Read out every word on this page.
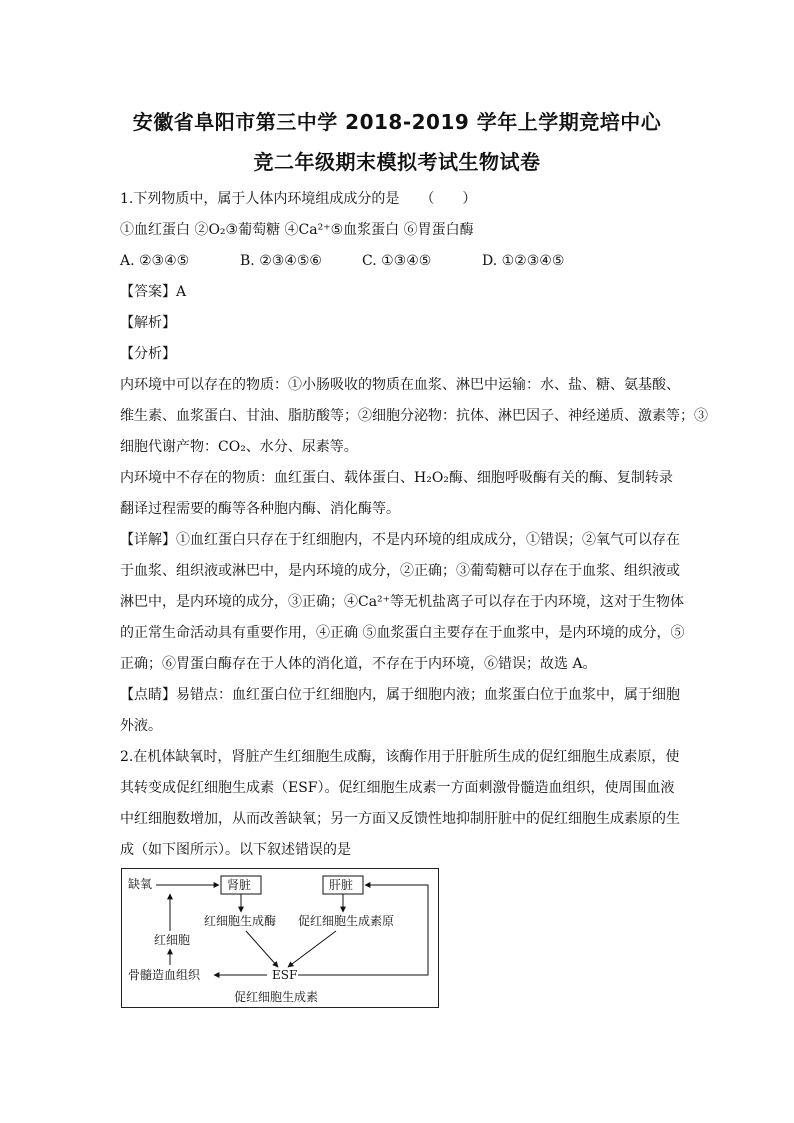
安徽省阜阳市第三中学 2018-2019 学年上学期竞培中心
竞二年级期末模拟考试生物试卷

1.下列物质中，属于人体内环境组成成分的是　　（　　）

①血红蛋白 ②O₂③葡萄糖 ④Ca²⁺⑤血浆蛋白 ⑥胃蛋白酶

A. ②③④⑤	B. ②③④⑤⑥	C. ①③④⑤	D. ①②③④⑤

【答案】A

【解析】

【分析】

内环境中可以存在的物质：①小肠吸收的物质在血浆、淋巴中运输：水、盐、糖、氨基酸、

维生素、血浆蛋白、甘油、脂肪酸等；②细胞分泌物：抗体、淋巴因子、神经递质、激素等；③

细胞代谢产物：CO₂、水分、尿素等。

内环境中不存在的物质：血红蛋白、载体蛋白、H₂O₂酶、细胞呼吸酶有关的酶、复制转录

翻译过程需要的酶等各种胞内酶、消化酶等。

【详解】①血红蛋白只存在于红细胞内，不是内环境的组成成分，①错误；②氧气可以存在

于血浆、组织液或淋巴中，是内环境的成分，②正确；③葡萄糖可以存在于血浆、组织液或

淋巴中，是内环境的成分，③正确；④Ca²⁺等无机盐离子可以存在于内环境，这对于生物体

的正常生命活动具有重要作用，④正确 ⑤血浆蛋白主要存在于血浆中，是内环境的成分，⑤

正确；⑥胃蛋白酶存在于人体的消化道，不存在于内环境，⑥错误；故选 A。

【点睛】易错点：血红蛋白位于红细胞内，属于细胞内液；血浆蛋白位于血浆中，属于细胞

外液。

2.在机体缺氧时，肾脏产生红细胞生成酶，该酶作用于肝脏所生成的促红细胞生成素原，使

其转变成促红细胞生成素（ESF）。促红细胞生成素一方面刺激骨髓造血组织，使周围血液

中红细胞数增加，从而改善缺氧；另一方面又反馈性地抑制肝脏中的促红细胞生成素原的生

成（如下图所示）。以下叙述错误的是

缺氧	肾脏	肝脏
红细胞生成酶 促红细胞生成素原
红细胞
ESF
骨髓造血组织
促红细胞生成素
